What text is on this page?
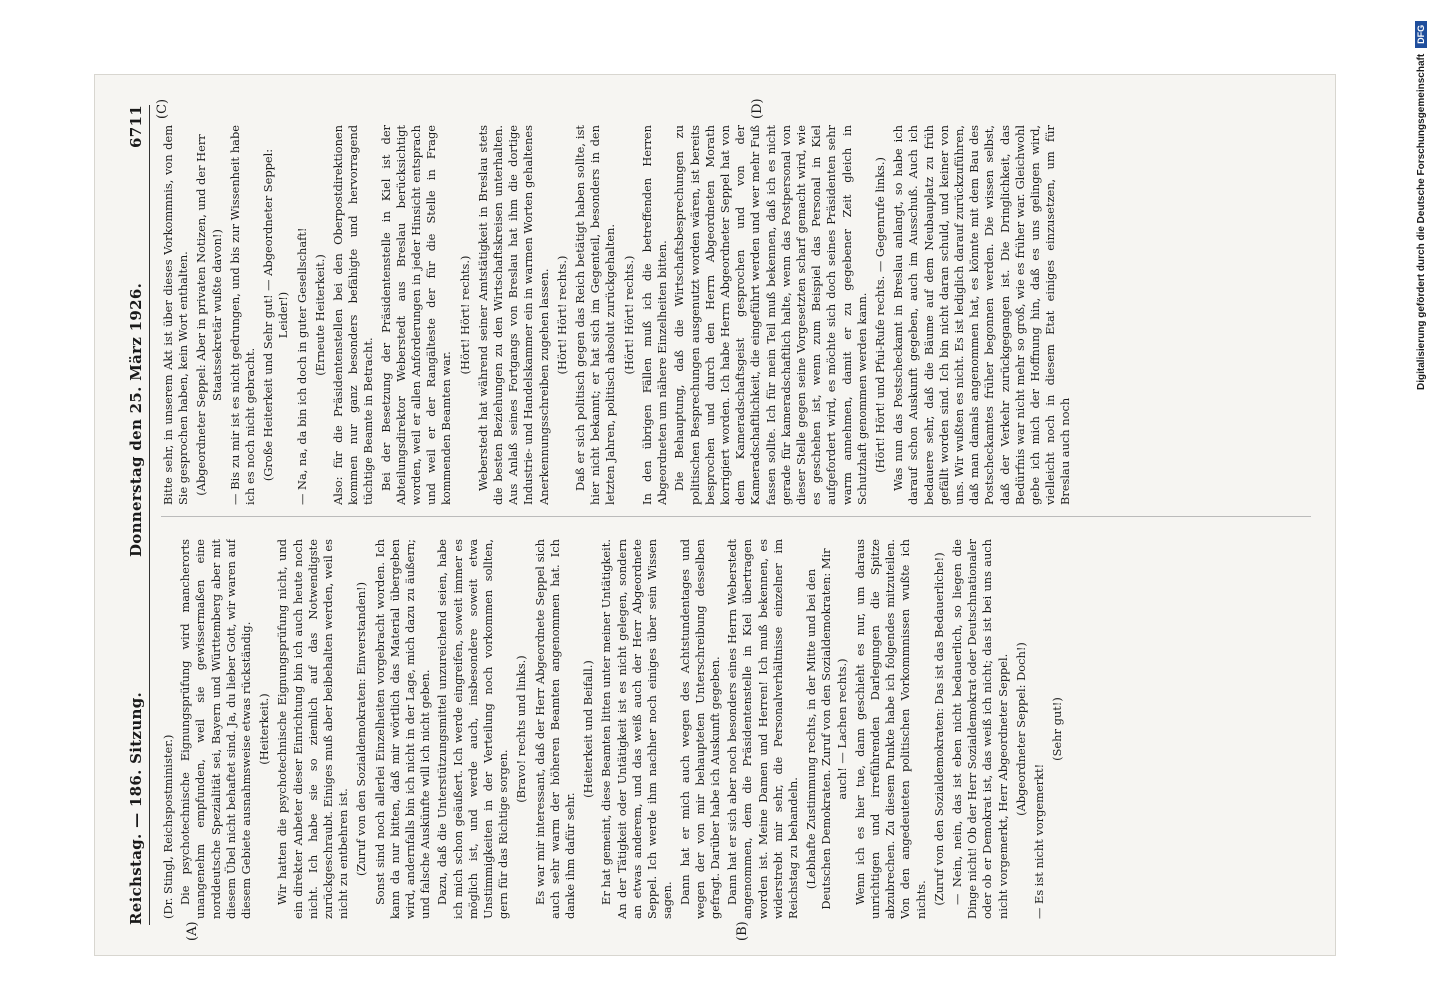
Reichstag. — 186. Sitzung.
Donnerstag den 25. März 1926.
6711
(A)	(B)
(C)	(D)

(Dr. Stingl, Reichspostminister.) Die psychotechnische Eignungsprüfung wird mancherorts unangenehm empfunden, weil sie gewissermaßen eine norddeutsche Spezialität sei, Bayern und Württemberg aber mit diesem Übel nicht behaftet sind. Ja, du lieber Gott, wir waren auf diesem Gebiete ausnahmsweise etwas rückständig. (Heiterkeit.) Wir hatten die psychotechnische Eignungsprüfung nicht, und ein direkter Anbeter dieser Einrichtung bin ich auch heute noch nicht. Ich habe sie so ziemlich auf das Notwendigste zurückgeschraubt. Einiges muß aber beibehalten werden, weil es nicht zu entbehren ist. (Zuruf von den Sozialdemokraten: Einverstanden!) Sonst sind noch allerlei Einzelheiten vorgebracht worden. Ich kann da nur bitten, daß mir wörtlich das Material übergeben wird, andernfalls bin ich nicht in der Lage, mich dazu zu äußern; und falsche Auskünfte will ich nicht geben. Dazu, daß die Unterstützungsmittel unzureichend seien, habe ich mich schon geäußert. Ich werde eingreifen, soweit immer es möglich ist, und werde auch, insbesondere soweit etwa Unstimmigkeiten in der Verteilung noch vorkommen sollten, gern für das Richtige sorgen.

(Bravo! rechts und links.) Es war mir interessant, daß der Herr Abgeordnete Seppel sich auch sehr warm der höheren Beamten angenommen hat. Ich danke ihm dafür sehr.

(Heiterkeit und Beifall.) Er hat gemeint, diese Beamten litten unter meiner Untätigkeit. An der Tätigkeit oder Untätigkeit ist es nicht gelegen, sondern an etwas anderem, und das weiß auch der Herr Abgeordnete Seppel. Ich werde ihm nachher noch einiges über sein Wissen sagen. Dann hat er mich auch wegen des Achtstundentages und wegen der von mir behaupteten Unterschreibung desselben gefragt. Darüber habe ich Auskunft gegeben. Dann hat er sich aber noch besonders eines Herrn Weberstedt angenommen, dem die Präsidentenstelle in Kiel übertragen worden ist. Meine Damen und Herren! Ich muß bekennen, es widerstrebt mir sehr, die Personalverhältnisse einzelner im Reichstag zu behandeln. (Lebhafte Zustimmung rechts, in der Mitte und bei den Deutschen Demokraten. Zuruf von den Sozialdemokraten: Mir auch! — Lachen rechts.) Wenn ich es hier tue, dann geschieht es nur, um daraus unrichtigen und irreführenden Darlegungen die Spitze abzubrechen. Zu diesem Punkte habe ich folgendes mitzuteilen. Von den angedeuteten politischen Vorkommnissen wußte ich nichts. (Zuruf von den Sozialdemokraten: Das ist das Bedauerliche!) — Nein, nein, das ist eben nicht bedauerlich, so liegen die Dinge nicht! Ob der Herr Sozialdemokrat oder Deutschnationaler oder ob er Demokrat ist, das weiß ich nicht; das ist bei uns auch nicht vorgemerkt, Herr Abgeordneter Seppel. (Abgeordneter Seppel: Doch!)

— Es ist nicht vorgemerkt!

(Sehr gut!)

Bitte sehr, in unserem Akt ist über dieses Vorkommnis, von dem Sie gesprochen haben, kein Wort enthalten. (Abgeordneter Seppel: Aber in privaten Notizen, und der Herr Staatssekretär wußte davon!) — Bis zu mir ist es nicht gedrungen, und bis zur Wissenheit habe ich es noch nicht gebracht. (Große Heiterkeit und Sehr gut! — Abgeordneter Seppel: Leider!) — Na, na, da bin ich doch in guter Gesellschaft! (Erneute Heiterkeit.) Also: für die Präsidentenstellen bei den Oberpostdirektionen kommen nur ganz besonders befähigte und hervorragend tüchtige Beamte in Betracht. Bei der Besetzung der Präsidentenstelle in Kiel ist der Abteilungsdirektor Weberstedt aus Breslau berücksichtigt worden, weil er allen Anforderungen in jeder Hinsicht entsprach und weil er der Rangälteste der für die Stelle in Frage kommenden Beamten war.

(Hört! Hört! rechts.) Weberstedt hat während seiner Amtstätigkeit in Breslau stets die besten Beziehungen zu den Wirtschaftskreisen unterhalten. Aus Anlaß seines Fortgangs von Breslau hat ihm die dortige Industrie- und Handelskammer ein in warmen Worten gehaltenes Anerkennungsschreiben zugehen lassen. (Hört! Hört! rechts.) Daß er sich politisch gegen das Reich betätigt haben sollte, ist hier nicht bekannt; er hat sich im Gegenteil, besonders in den letzten Jahren, politisch absolut zurückgehalten. (Hört! Hört! rechts.) In den übrigen Fällen muß ich die betreffenden Herren Abgeordneten um nähere Einzelheiten bitten. Die Behauptung, daß die Wirtschaftsbesprechungen zu politischen Besprechungen ausgenutzt worden wären, ist bereits besprochen und durch den Herrn Abgeordneten Morath korrigiert worden. Ich habe Herrn Abgeordneter Seppel hat von dem Kameradschaftsgeist gesprochen und von der Kameradschaftlichkeit, die eingeführt werden und wer mehr Fuß fassen sollte. Ich für mein Teil muß bekennen, daß ich es nicht gerade für kameradschaftlich halte, wenn das Postpersonal von dieser Stelle gegen seine Vorgesetzten scharf gemacht wird, wie es geschehen ist, wenn zum Beispiel das Personal in Kiel aufgefordert wird, es möchte sich doch seines Präsidenten sehr warm annehmen, damit er zu gegebener Zeit gleich in Schutzhaft genommen werden kann. (Hört! Hört! und Pfui-Rufe rechts. — Gegenrufe links.) Was nun das Postscheckamt in Breslau anlangt, so habe ich darauf schon Auskunft gegeben, auch im Ausschuß. Auch ich bedauere sehr, daß die Bäume auf dem Neubauplatz zu früh gefällt worden sind. Ich bin nicht daran schuld, und keiner von uns. Wir wußten es nicht. Es ist lediglich darauf zurückzuführen, daß man damals angenommen hat, es könnte mit dem Bau des Postscheckamtes früher begonnen werden. Die wissen selbst, daß der Verkehr zurückgegangen ist. Die Dringlichkeit, das Bedürfnis war nicht mehr so groß, wie es früher war. Gleichwohl gebe ich mich der Hoffnung hin, daß es uns gelingen wird, vielleicht noch in diesem Etat einiges einzusetzen, um für Breslau auch noch

Digitalisierung gefördert durch die Deutsche Forschungsgemeinschaft
DFG
